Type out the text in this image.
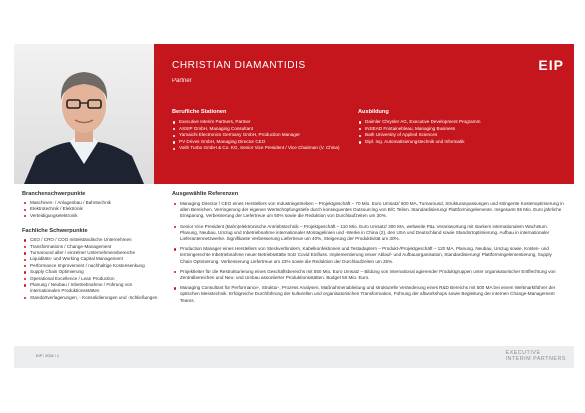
CHRISTIAN DIAMANTIDIS
Partner
EIP
Berufliche Stationen
Executive Interim Partners, Partner
ASSIP GmbH, Managing Consultant
Yamaichi Electronics Germany GmbH, Production Manager
PV Drives GmbH, Managing Director CEO
Voith Turbo GmbH & Co. KG, Senior Vice President / Vice Chairman (V. China)
Ausbildung
Daimler Chrysler AG, Executive Development Programm
INSEAD Fontainebleau, Managing Business
Bath University of Applied Sciences
Dipl. Ing. Automatisierungstechnik und Informatik
Branchenschwerpunkte
Maschinen- / Anlagenbau / Bahntechnik
Elektrotechnik / Elektronik
Verteidigungselektronik
Fachliche Schwerpunkte
CEO / CRO / COO mittelständische Unternehmen
Transformations / Change-Management
Turnaround aller / einzelner Unternehmensbereiche
Liquiditäts- und Working Capital Management
Performance Improvement / nachhaltige Kostensenkung
Supply Chain Optimierung
Operational Excellence / Lean Production
Planung / Neubau / Inbetriebnahme / Führung von internationalen Produktionsstätten
Standortverlagerungen, - Konsolidierungen und -Schließungen
Ausgewählte Referenzen
Managing Director / CEO eines Herstellers von Industriegetrieben – Projektgeschäft – 70 Mio. Euro Umsatz/ 500 MA, Turnaround, Strukturanpassungen und stringente Kostenoptimierung in allen Bereichen. Verringerung der eigenen Wertschöpfungstiefe durch konsequentes Outsourcing von B/C Teilen. Standardisierung/ Plattformingelemente. Insgesamt 65 Mio. Euro jährliche Einsparung, Verbesserung der Liefertreue um 50% sowie die Reduktion von Durchlaufzeiten um 30%.
Senior Vice President (Bahn)elektronische Antriebstechnik – Projektgeschäft – 110 Mio. Euro Umsatz/ 300 MA, weltweite P&L Verantwortung mit starkem internationalem Wachstum. Planung, Neubau, Umzug und Inbetriebnahme internationaler Montagelinien und -Werke in China (2), den USA und Deutschland sowie Standortoptimierung. Aufbau in internationaler Lieferantennetzwerke. Signifikante Verbesserung Liefertreue um 40%, Steigerung der Produktivität um 30%.
Production Manager eines Herstellers von Steckverbindern, Kabelkonfektionen und Testadaptern – Produkt-/Projektgeschäft – 120 MA, Planung, Neubau, Umzug sowie, Kosten- und termingerechte Inbetriebnahme neuer Betriebsstätte trotz Covid Einfluss. Implementierung neuer Ablauf- und Aufbauorganisation, Standardisierung/ Plattformingelementierung, Supply Chain Optimierung. Verbesserung Liefertreue um 23% sowie die Reduktion der Durchlaufzeiten um 25%.
Projektleiter für die Restrukturierung eines Geschäftsbereichs mit 550 Mio. Euro Umsatz – Bildung von international agierender Produktgruppen unter organisatorischer Entflechtung von Zentralbereichen und Neu- und Umbau assoziierter Produktionsstätten. Budget 50 Mio. Euro.
Managing Consultant für Performance-, Struktur-, Prozess Analysen, Maßnahmenableitung und strukturelle Veränderung eines R&D Bereichs mit 500 MA bei einem Weltmarktführer der optischen Messtechnik. Erfolgreiche Durchführung der kulturellen und organisatorischen Transformation, Führung der aftworkshops sowie Begleitung der internen Change-Management Teams.
EIP / 2024 / 1	EXECUTIVE
INTERIM PARTNERS
